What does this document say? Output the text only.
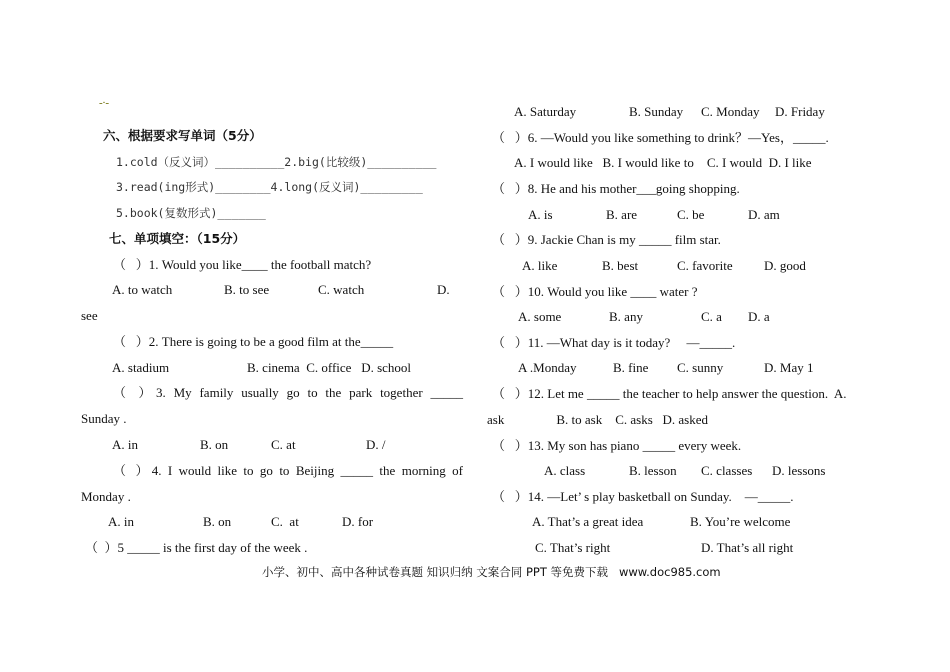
-∙-
六、根据要求写单词（5分）
1.cold（反义词）__________2.big(比较级)__________
3.read(ing形式)________4.long(反义词)_________
5.book(复数形式)_______
七、单项填空：（15分）
（   ）1. Would you like____ the football match?
A. to watch	B. to see	C. watch	D.
see
（   ）2. There is going to be a good film at the_____
A. stadium	B. cinema  C. office   D. school
（ ）3. My family usually go to the park together _____
Sunday .
A. in	B. on	C. at	D. /
（ ）4. I would like to go to Beijing _____ the morning of
Monday .
A. in	B. on	C.  at	D. for
（  ）5 _____ is the first day of the week .
A. Saturday	B. Sunday C. Monday D. Friday
（   ）6. —Would you like something to drink？—Yes，_____.
A. I would like   B. I would like to    C. I would  D. I like
（   ）8. He and his mother___going shopping.
A. is	B. are	C. be	D. am
（   ）9. Jackie Chan is my _____ film star.
A. like	B. best	C. favorite D. good
（   ）10. Would you like ____ water ?
A. some	B. any	C. a D. a
（   ）11. —What day is it today?     —_____.
A .Monday	B. fine C. sunny	D. May 1
（   ）12. Let me _____ the teacher to help answer the question.  A.
ask                B. to ask    C. asks   D. asked
（   ）13. My son has piano _____ every week.
A. class	B. lesson C. classes D. lessons
（   ）14. —Let’ s play basketball on Sunday.    —_____.
A. That’s a great idea	B. You’re welcome
C. That’s right	D. That’s all right
小学、初中、高中各种试卷真题 知识归纳 文案合同 PPT 等免费下载   www.doc985.com
